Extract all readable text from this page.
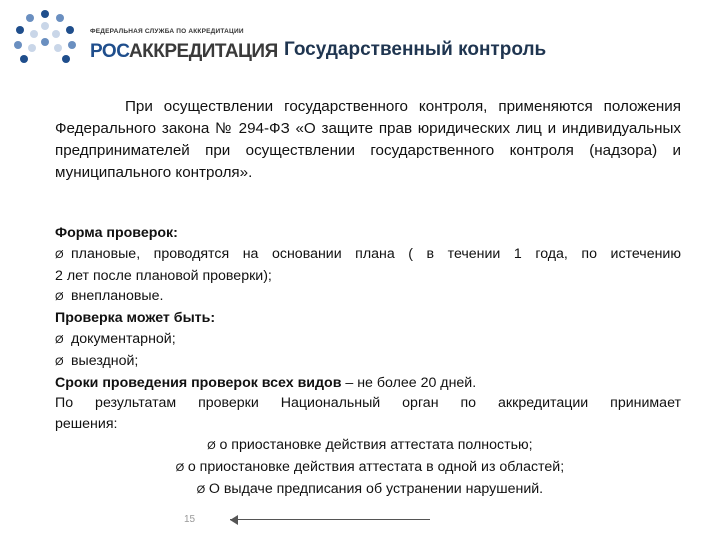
ФЕДЕРАЛЬНАЯ СЛУЖБА ПО АККРЕДИТАЦИИ
РОСАККРЕДИТАЦИЯ Государственный контроль
При осуществлении государственного контроля, применяются положения Федерального закона № 294-ФЗ «О защите прав юридических лиц и индивидуальных предпринимателей при осуществлении государственного контроля (надзора) и муниципального контроля».
Форма проверок:
Ø плановые, проводятся на основании плана ( в течении 1 года, по истечению
2 лет после плановой проверки);
Ø внеплановые.
Проверка может быть:
Ø документарной;
Ø выездной;
Сроки проведения проверок всех видов – не более 20 дней.
По результатам проверки Национальный орган по аккредитации принимает
решения:
Ø о приостановке действия аттестата полностью;
Ø о приостановке действия аттестата в одной из областей;
Ø О выдаче предписания об устранении нарушений.
15
